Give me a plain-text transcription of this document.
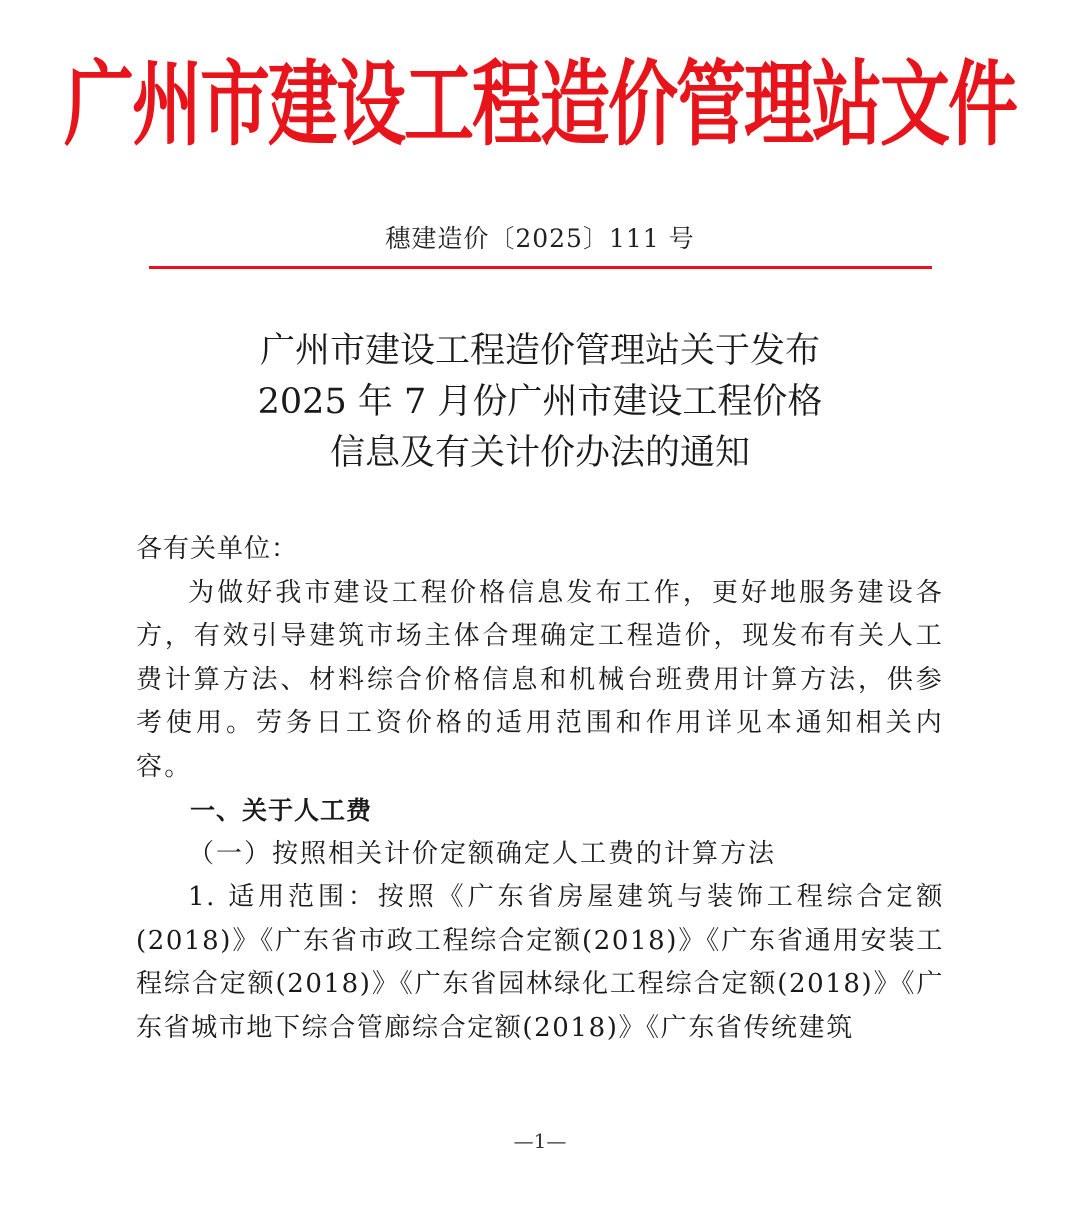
广州市建设工程造价管理站文件
穗建造价〔2025〕111 号
广州市建设工程造价管理站关于发布
2025 年 7 月份广州市建设工程价格
信息及有关计价办法的通知

各有关单位：

为做好我市建设工程价格信息发布工作，更好地服务建设各方，有效引导建筑市场主体合理确定工程造价，现发布有关人工费计算方法、材料综合价格信息和机械台班费用计算方法，供参考使用。劳务日工资价格的适用范围和作用详见本通知相关内容。

一、关于人工费

（一）按照相关计价定额确定人工费的计算方法

1. 适用范围：按照《广东省房屋建筑与装饰工程综合定额(2018)》《广东省市政工程综合定额(2018)》《广东省通用安装工程综合定额(2018)》《广东省园林绿化工程综合定额(2018)》《广东省城市地下综合管廊综合定额(2018)》《广东省传统建筑

—1—
